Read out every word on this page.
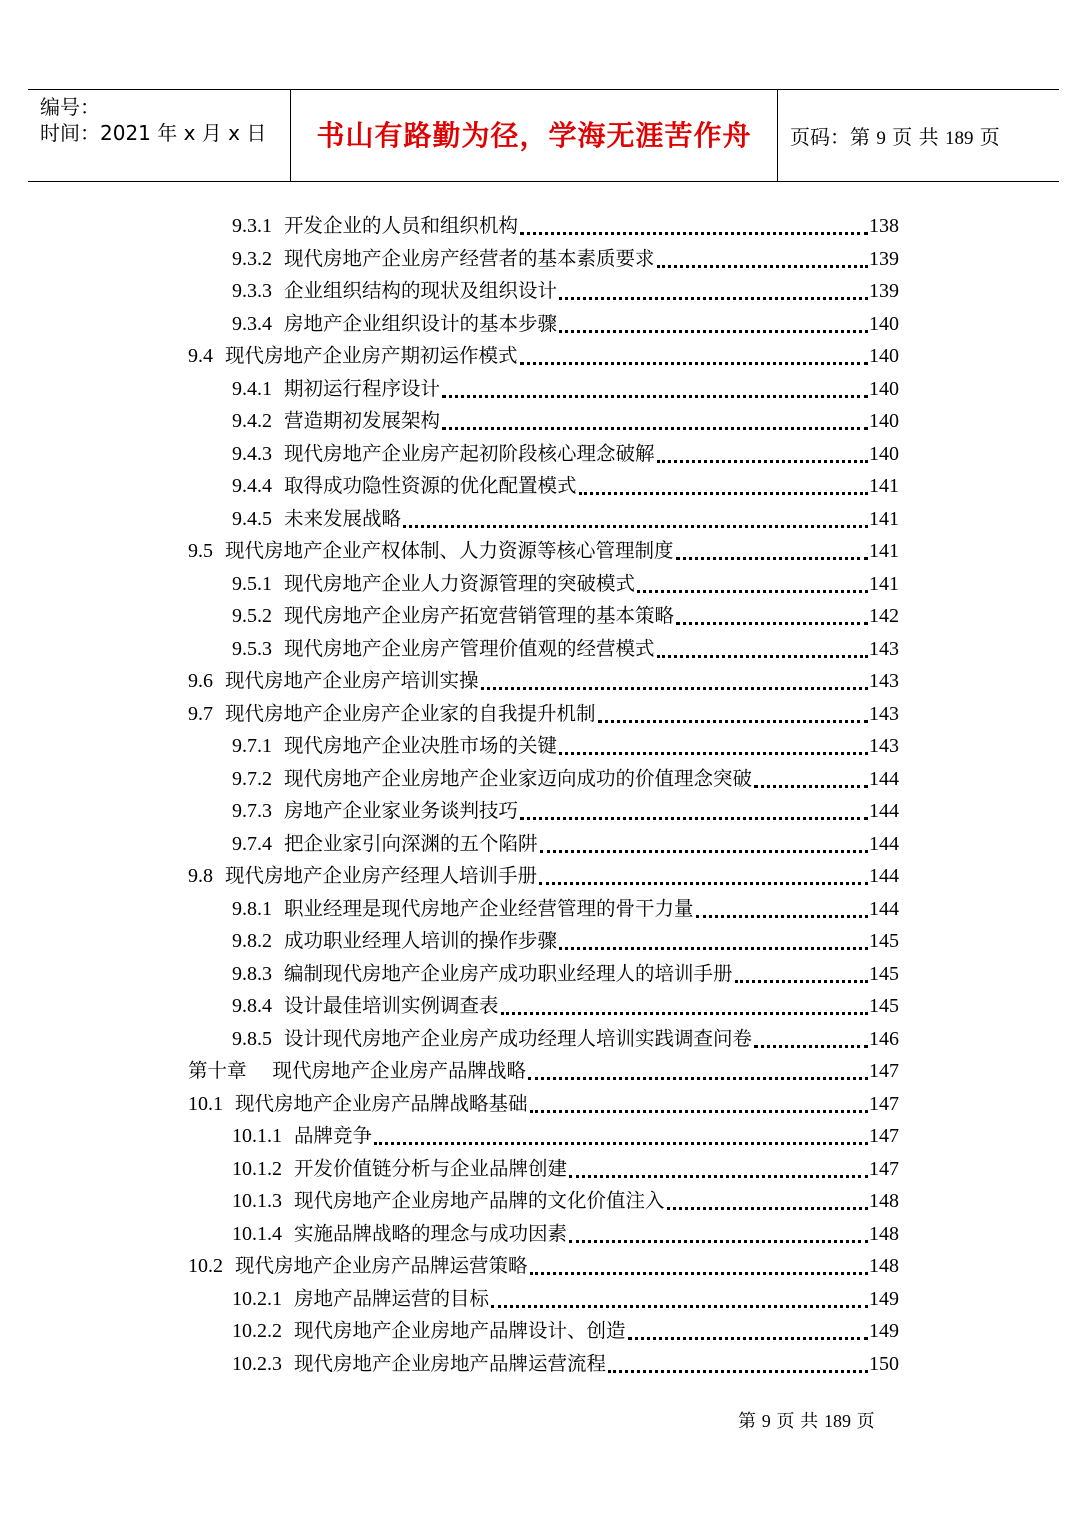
编号：
时间：2021 年 x 月 x 日	书山有路勤为径，学海无涯苦作舟	页码：第 9 页 共 189 页
9.3.1 开发企业的人员和组织机构	138
9.3.2 现代房地产企业房产经营者的基本素质要求	139
9.3.3 企业组织结构的现状及组织设计	139
9.3.4 房地产企业组织设计的基本步骤	140
9.4 现代房地产企业房产期初运作模式	140
9.4.1 期初运行程序设计	140
9.4.2 营造期初发展架构	140
9.4.3 现代房地产企业房产起初阶段核心理念破解	140
9.4.4 取得成功隐性资源的优化配置模式	141
9.4.5 未来发展战略	141
9.5 现代房地产企业产权体制、人力资源等核心管理制度	141
9.5.1 现代房地产企业人力资源管理的突破模式	141
9.5.2 现代房地产企业房产拓宽营销管理的基本策略	142
9.5.3 现代房地产企业房产管理价值观的经营模式	143
9.6 现代房地产企业房产培训实操	143
9.7 现代房地产企业房产企业家的自我提升机制	143
9.7.1 现代房地产企业决胜市场的关键	143
9.7.2 现代房地产企业房地产企业家迈向成功的价值理念突破	144
9.7.3 房地产企业家业务谈判技巧	144
9.7.4 把企业家引向深渊的五个陷阱	144
9.8 现代房地产企业房产经理人培训手册	144
9.8.1 职业经理是现代房地产企业经营管理的骨干力量	144
9.8.2 成功职业经理人培训的操作步骤	145
9.8.3 编制现代房地产企业房产成功职业经理人的培训手册	145
9.8.4 设计最佳培训实例调查表	145
9.8.5 设计现代房地产企业房产成功经理人培训实践调查问卷	146
第十章 现代房地产企业房产品牌战略	147
10.1 现代房地产企业房产品牌战略基础	147
10.1.1 品牌竞争	147
10.1.2 开发价值链分析与企业品牌创建	147
10.1.3 现代房地产企业房地产品牌的文化价值注入	148
10.1.4 实施品牌战略的理念与成功因素	148
10.2 现代房地产企业房产品牌运营策略	148
10.2.1 房地产品牌运营的目标	149
10.2.2 现代房地产企业房地产品牌设计、创造	149
10.2.3 现代房地产企业房地产品牌运营流程	150
第 9 页 共 189 页
